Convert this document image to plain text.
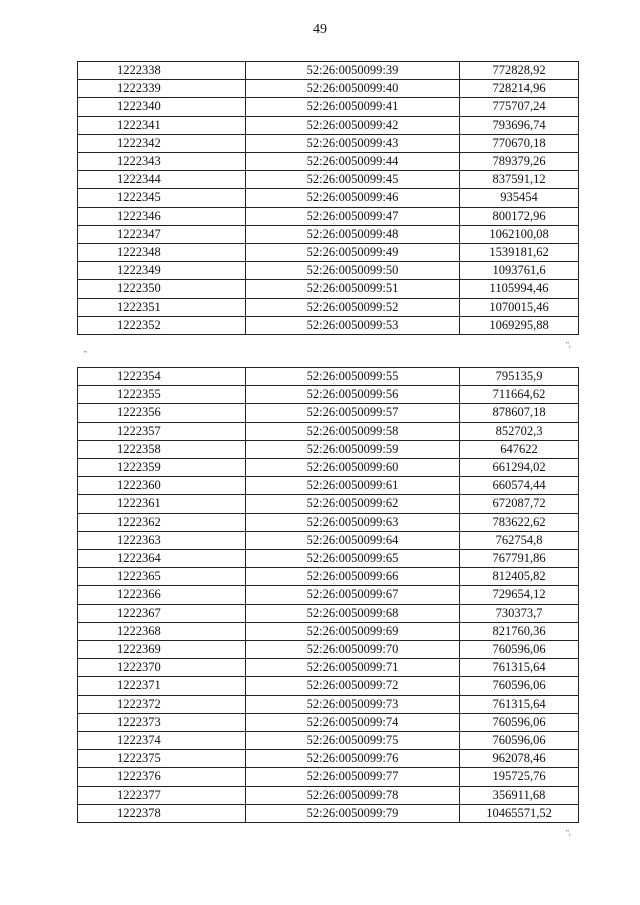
49
1222338	52:26:0050099:39	772828,92
1222339	52:26:0050099:40	728214,96
1222340	52:26:0050099:41	775707,24
1222341	52:26:0050099:42	793696,74
1222342	52:26:0050099:43	770670,18
1222343	52:26:0050099:44	789379,26
1222344	52:26:0050099:45	837591,12
1222345	52:26:0050099:46	935454
1222346	52:26:0050099:47	800172,96
1222347	52:26:0050099:48	1062100,08
1222348	52:26:0050099:49	1539181,62
1222349	52:26:0050099:50	1093761,6
1222350	52:26:0050099:51	1105994,46
1222351	52:26:0050099:52	1070015,46
1222352	52:26:0050099:53	1069295,88
",
"
1222354	52:26:0050099:55	795135,9
1222355	52:26:0050099:56	711664,62
1222356	52:26:0050099:57	878607,18
1222357	52:26:0050099:58	852702,3
1222358	52:26:0050099:59	647622
1222359	52:26:0050099:60	661294,02
1222360	52:26:0050099:61	660574,44
1222361	52:26:0050099:62	672087,72
1222362	52:26:0050099:63	783622,62
1222363	52:26:0050099:64	762754,8
1222364	52:26:0050099:65	767791,86
1222365	52:26:0050099:66	812405,82
1222366	52:26:0050099:67	729654,12
1222367	52:26:0050099:68	730373,7
1222368	52:26:0050099:69	821760,36
1222369	52:26:0050099:70	760596,06
1222370	52:26:0050099:71	761315,64
1222371	52:26:0050099:72	760596,06
1222372	52:26:0050099:73	761315,64
1222373	52:26:0050099:74	760596,06
1222374	52:26:0050099:75	760596,06
1222375	52:26:0050099:76	962078,46
1222376	52:26:0050099:77	195725,76
1222377	52:26:0050099:78	356911,68
1222378	52:26:0050099:79	10465571,52
",
